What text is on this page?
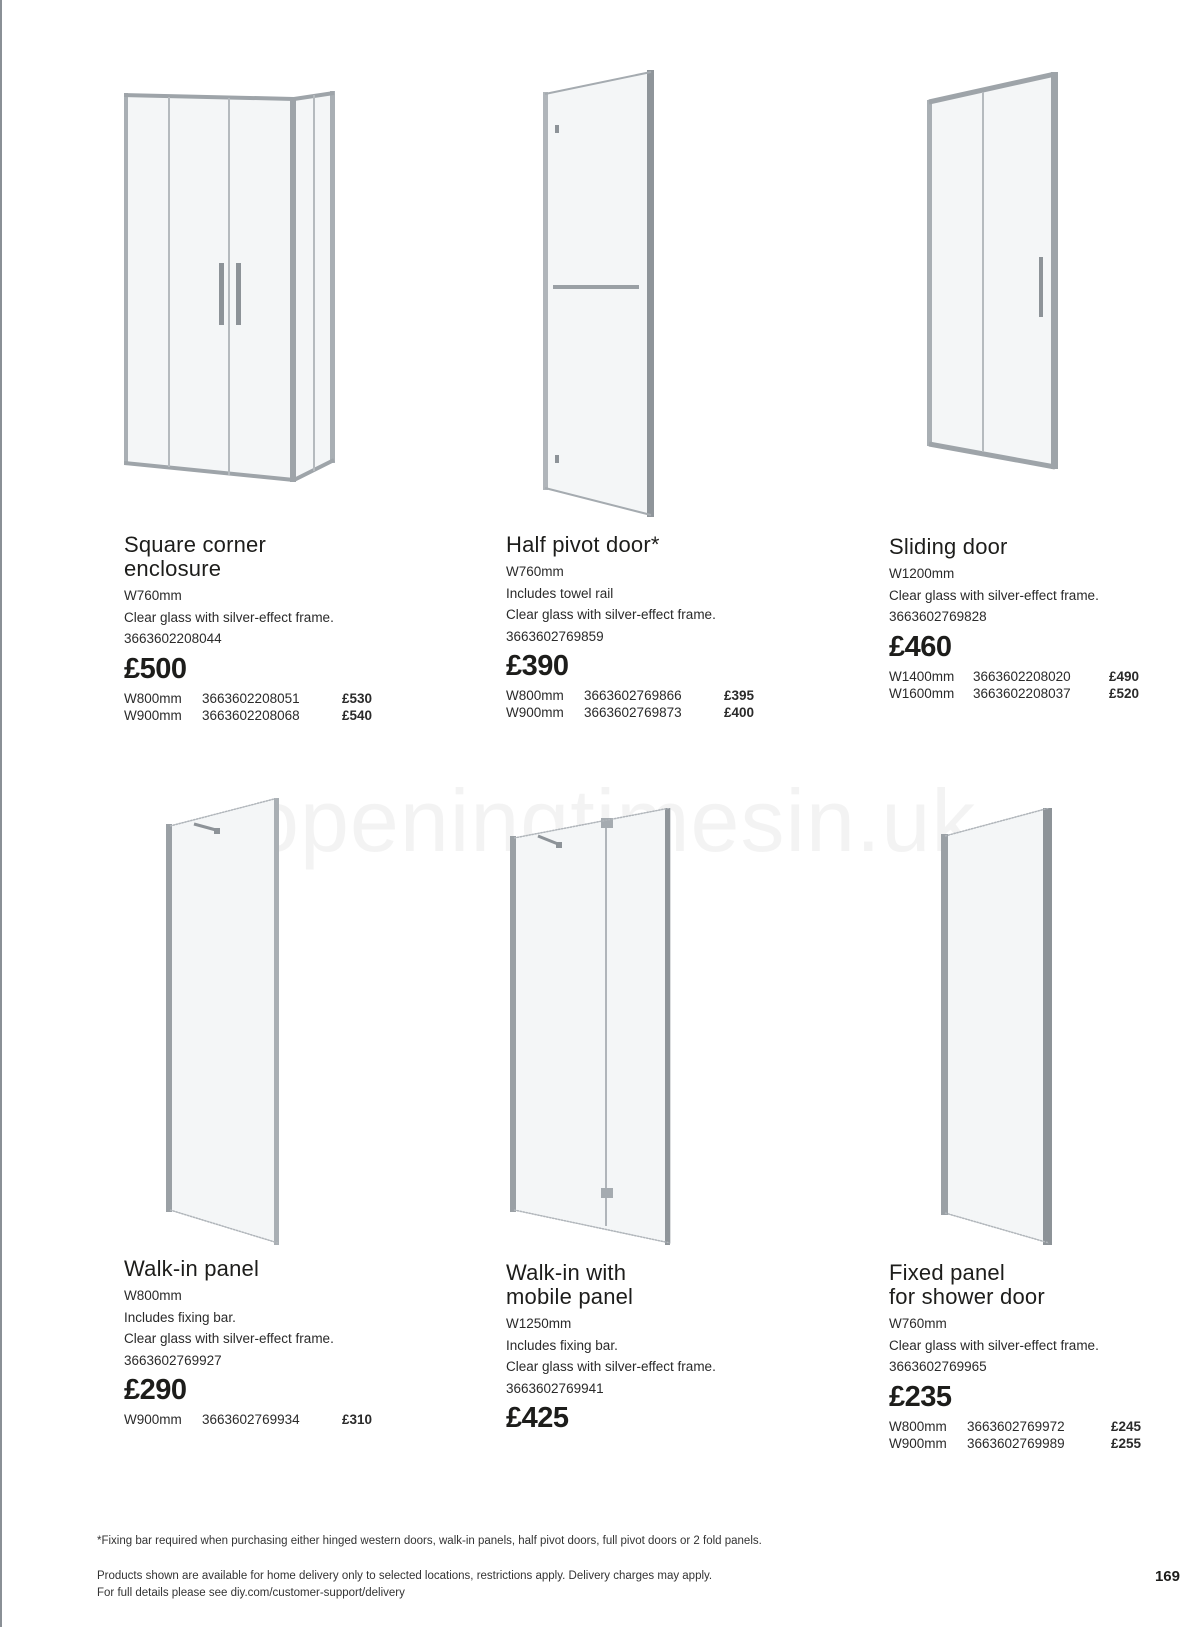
Square corner
enclosure
W760mm
Clear glass with silver-effect frame.
3663602208044
£500
W800mm	3663602208051	£530
W900mm	3663602208068	£540
Half pivot door*
W760mm
Includes towel rail
Clear glass with silver-effect frame.
3663602769859
£390
W800mm	3663602769866	£395
W900mm	3663602769873	£400
Sliding door
W1200mm
Clear glass with silver-effect frame.
3663602769828
£460
W1400mm	3663602208020	£490
W1600mm	3663602208037	£520
Walk-in panel
W800mm
Includes fixing bar.
Clear glass with silver-effect frame.
3663602769927
£290
W900mm	3663602769934	£310
Walk-in with
mobile panel
W1250mm
Includes fixing bar.
Clear glass with silver-effect frame.
3663602769941
£425
Fixed panel
for shower door
W760mm
Clear glass with silver-effect frame.
3663602769965
£235
W800mm	3663602769972	£245
W900mm	3663602769989	£255
*Fixing bar required when purchasing either hinged western doors, walk-in panels, half pivot doors, full pivot doors or 2 fold panels.
Products shown are available for home delivery only to selected locations, restrictions apply. Delivery charges may apply.
For full details please see diy.com/customer-support/delivery
169
